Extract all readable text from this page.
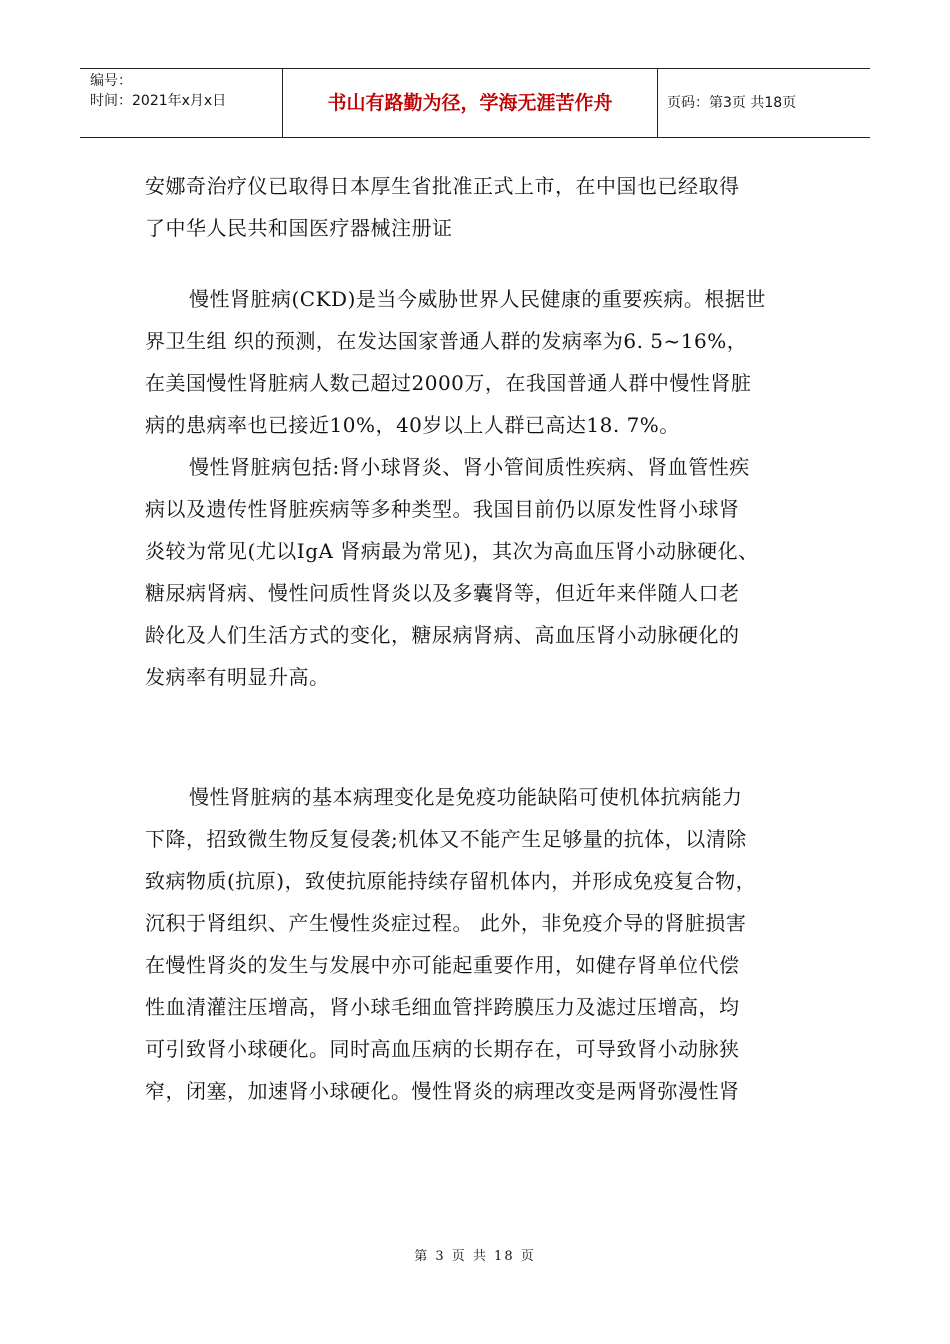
编号：
时间：2021年x月x日	书山有路勤为径，学海无涯苦作舟	页码：第3页 共18页

安娜奇治疗仪已取得日本厚生省批准正式上市，在中国也已经取得
了中华人民共和国医疗器械注册证

慢性肾脏病(CKD)是当今威胁世界人民健康的重要疾病。根据世
界卫生组 织的预测，在发达国家普通人群的发病率为6. 5~16%，
在美国慢性肾脏病人数己超过2000万，在我国普通人群中慢性肾脏
病的患病率也已接近10%，40岁以上人群已高达18. 7%。

慢性肾脏病包括:肾小球肾炎、肾小管间质性疾病、肾血管性疾
病以及遗传性肾脏疾病等多种类型。我国目前仍以原发性肾小球肾
炎较为常见(尤以IgA 肾病最为常见)，其次为高血压肾小动脉硬化、
糖尿病肾病、慢性问质性肾炎以及多囊肾等，但近年来伴随人口老
龄化及人们生活方式的变化，糖尿病肾病、高血压肾小动脉硬化的
发病率有明显升高。

慢性肾脏病的基本病理变化是免疫功能缺陷可使机体抗病能力
下降，招致微生物反复侵袭;机体又不能产生足够量的抗体，以清除
致病物质(抗原)，致使抗原能持续存留机体内，并形成免疫复合物，
沉积于肾组织、产生慢性炎症过程。 此外，非免疫介导的肾脏损害
在慢性肾炎的发生与发展中亦可能起重要作用，如健存肾单位代偿
性血清灌注压增高，肾小球毛细血管拌跨膜压力及滤过压增高，均
可引致肾小球硬化。同时高血压病的长期存在，可导致肾小动脉狭
窄，闭塞，加速肾小球硬化。慢性肾炎的病理改变是两肾弥漫性肾

第 3 页 共 18 页
